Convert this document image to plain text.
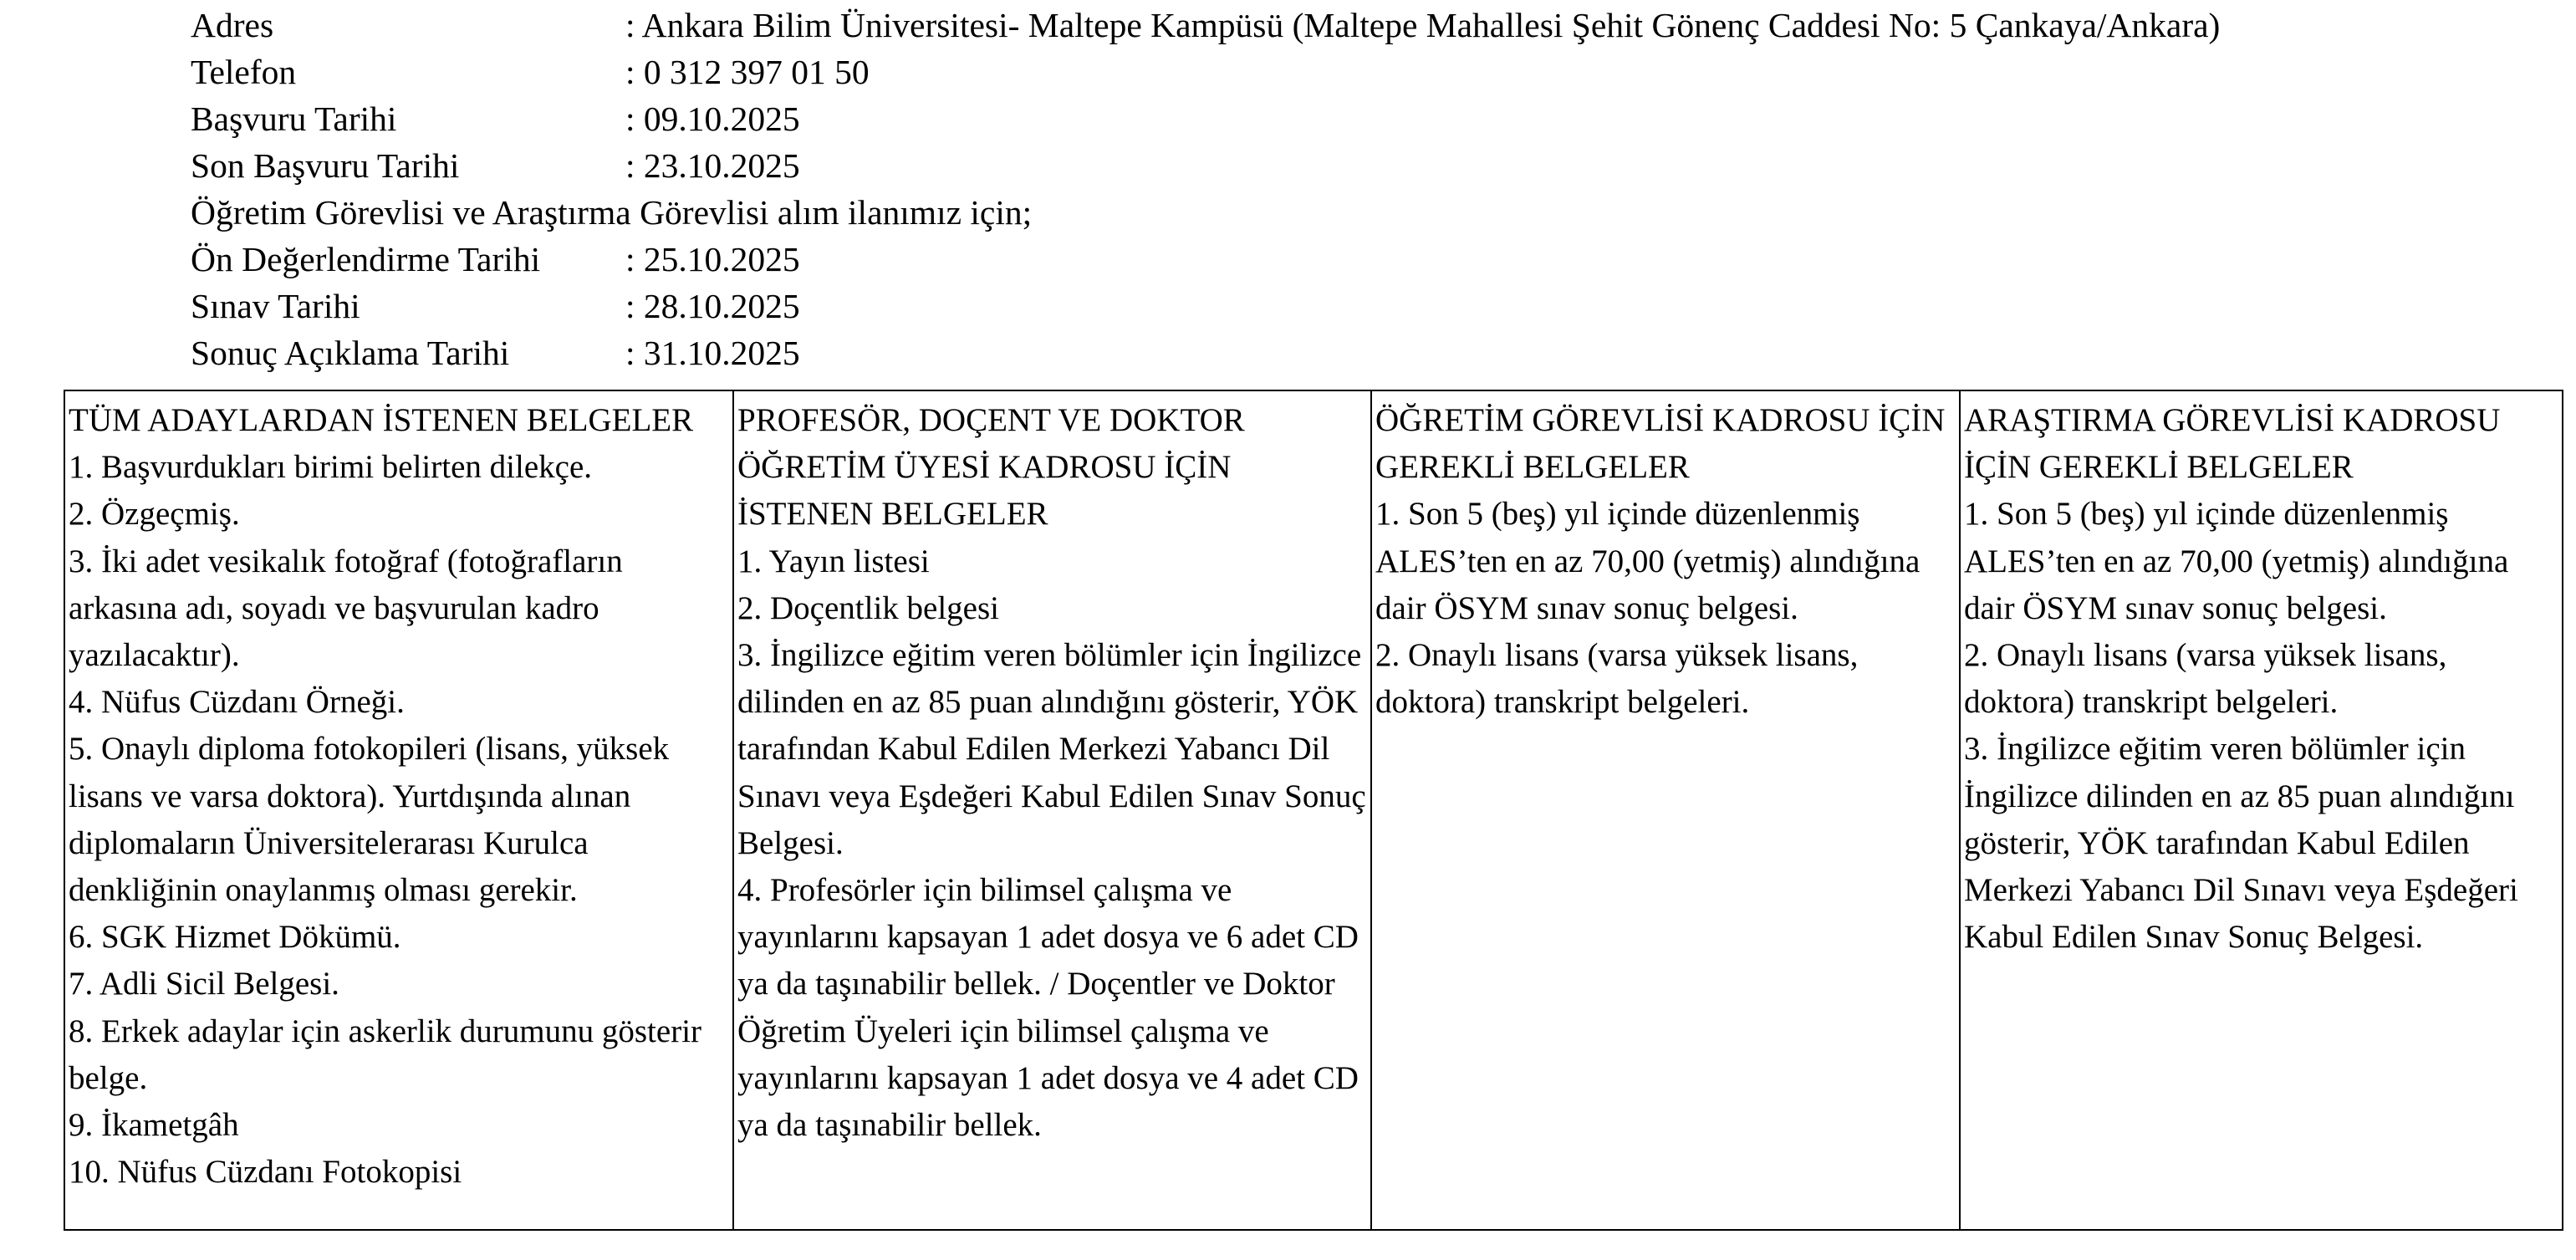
Adres	: Ankara Bilim Üniversitesi- Maltepe Kampüsü (Maltepe Mahallesi Şehit Gönenç Caddesi No: 5 Çankaya/Ankara)
Telefon	: 0 312 397 01 50
Başvuru Tarihi	: 09.10.2025
Son Başvuru Tarihi	: 23.10.2025
Öğretim Görevlisi ve Araştırma Görevlisi alım ilanımız için;
Ön Değerlendirme Tarihi	: 25.10.2025
Sınav Tarihi	: 28.10.2025
Sonuç Açıklama Tarihi	: 31.10.2025
TÜM ADAYLARDAN İSTENEN BELGELER
1. Başvurdukları birimi belirten dilekçe.
2. Özgeçmiş.
3. İki adet vesikalık fotoğraf (fotoğrafların arkasına adı, soyadı ve başvurulan kadro yazılacaktır).
4. Nüfus Cüzdanı Örneği.
5. Onaylı diploma fotokopileri (lisans, yüksek lisans ve varsa doktora). Yurtdışında alınan diplomaların Üniversitelerarası Kurulca denkliğinin onaylanmış olması gerekir.
6. SGK Hizmet Dökümü.
7. Adli Sicil Belgesi.
8. Erkek adaylar için askerlik durumunu gösterir belge.
9. İkametgâh
10. Nüfus Cüzdanı Fotokopisi

PROFESÖR, DOÇENT VE DOKTOR ÖĞRETİM ÜYESİ KADROSU İÇİN İSTENEN BELGELER
1. Yayın listesi
2. Doçentlik belgesi
3. İngilizce eğitim veren bölümler için İngilizce dilinden en az 85 puan alındığını gösterir, YÖK tarafından Kabul Edilen Merkezi Yabancı Dil Sınavı veya Eşdeğeri Kabul Edilen Sınav Sonuç Belgesi.
4. Profesörler için bilimsel çalışma ve yayınlarını kapsayan 1 adet dosya ve 6 adet CD ya da taşınabilir bellek. / Doçentler ve Doktor Öğretim Üyeleri için bilimsel çalışma ve yayınlarını kapsayan 1 adet dosya ve 4 adet CD ya da taşınabilir bellek.

ÖĞRETİM GÖREVLİSİ KADROSU İÇİN GEREKLİ BELGELER
1. Son 5 (beş) yıl içinde düzenlenmiş ALES’ten en az 70,00 (yetmiş) alındığına dair ÖSYM sınav sonuç belgesi.
2. Onaylı lisans (varsa yüksek lisans, doktora) transkript belgeleri.

ARAŞTIRMA GÖREVLİSİ KADROSU İÇİN GEREKLİ BELGELER
1. Son 5 (beş) yıl içinde düzenlenmiş ALES’ten en az 70,00 (yetmiş) alındığına dair ÖSYM sınav sonuç belgesi.
2. Onaylı lisans (varsa yüksek lisans, doktora) transkript belgeleri.
3. İngilizce eğitim veren bölümler için İngilizce dilinden en az 85 puan alındığını gösterir, YÖK tarafından Kabul Edilen Merkezi Yabancı Dil Sınavı veya Eşdeğeri Kabul Edilen Sınav Sonuç Belgesi.
